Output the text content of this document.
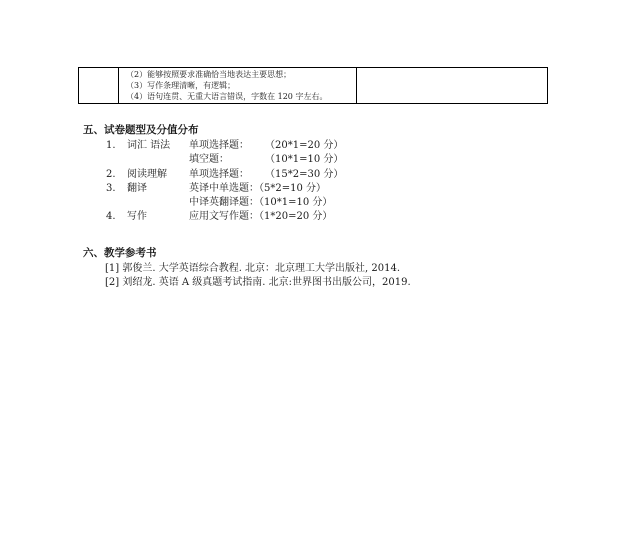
（2）能够按照要求准确恰当地表达主要思想；
（3）写作条理清晰，有逻辑；
（4）语句连贯、无重大语言错误，字数在 120 字左右。
五、试卷题型及分值分布
1. 词汇 语法 单项选择题： （20*1=20 分）
填空题：	（10*1=10 分）
2. 阅读理解 单项选择题： （15*2=30 分）
3. 翻译	英译中单选题：（5*2=10 分）
中译英翻译题：（10*1=10 分）
4. 写作	应用文写作题：（1*20=20 分）
六、教学参考书
[1] 郭俊兰. 大学英语综合教程. 北京：北京理工大学出版社, 2014.
[2] 刘绍龙. 英语 A 级真题考试指南. 北京:世界图书出版公司，2019.
